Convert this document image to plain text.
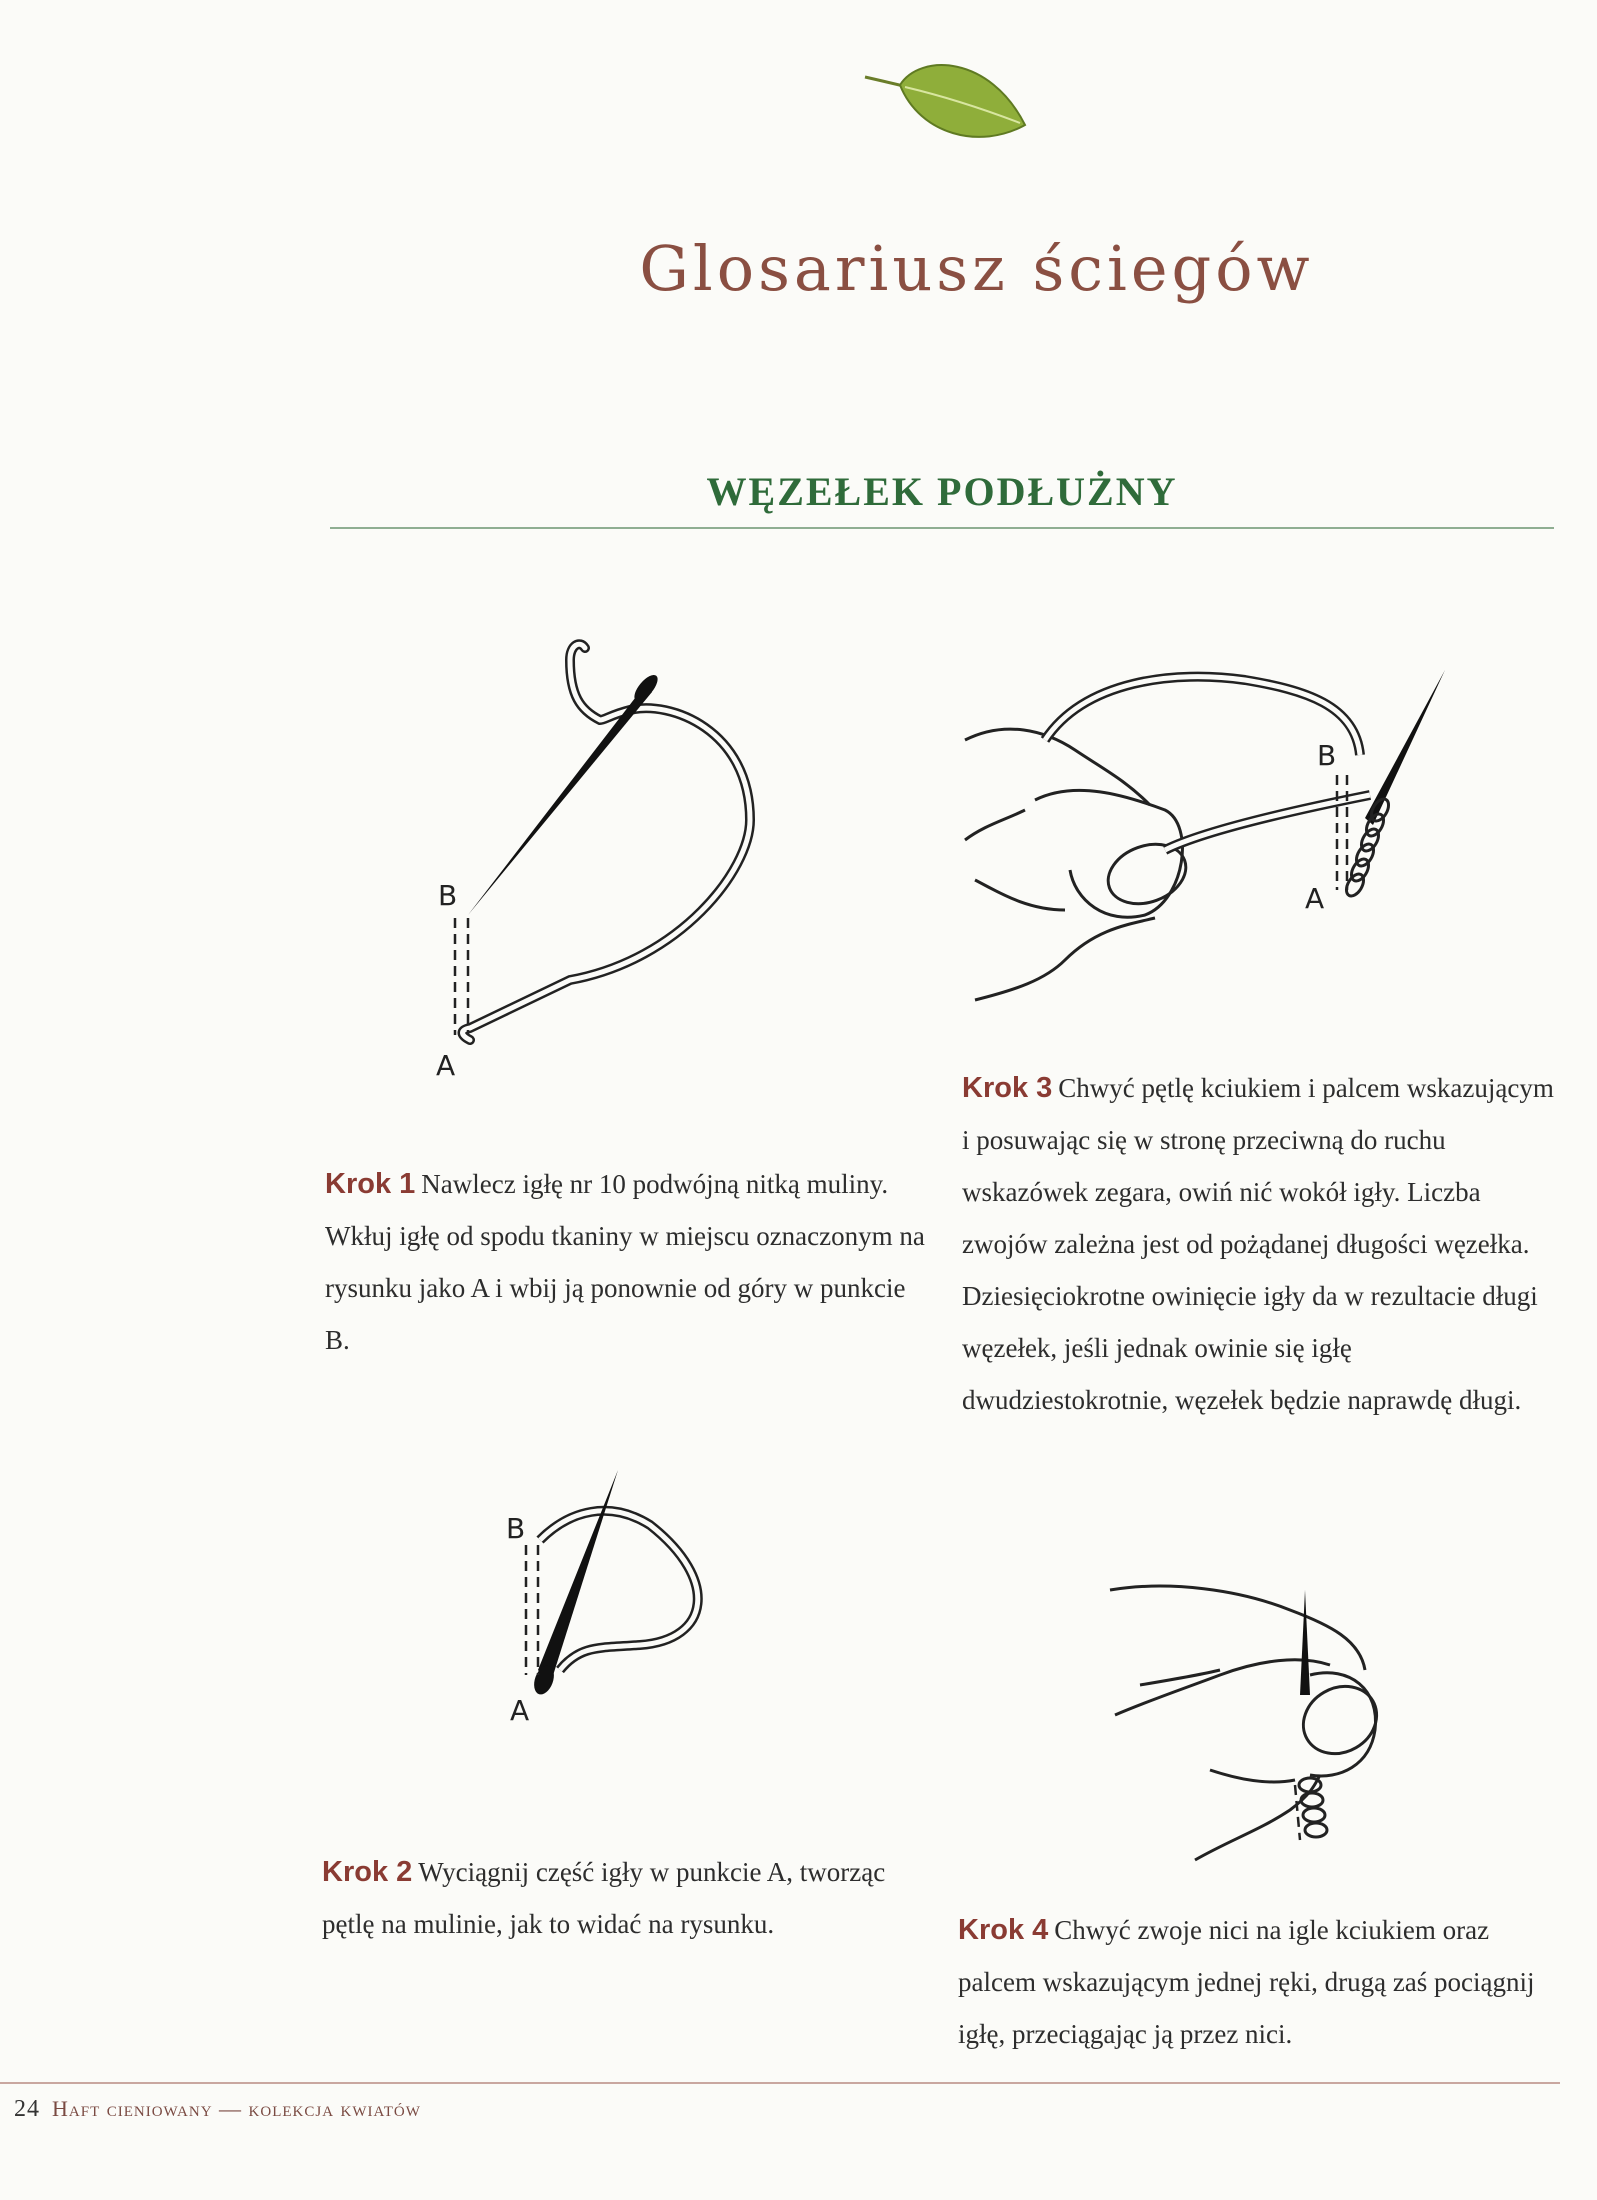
Glosariusz ściegów
WĘZEŁEK PODŁUŻNY
B
A
B
A
B
A
Krok 1 Nawlecz igłę nr 10 podwójną nitką muliny. Wkłuj igłę od spodu tkaniny w miejscu oznaczonym na rysunku jako A i wbij ją ponownie od góry w punkcie B.
Krok 2 Wyciągnij część igły w punkcie A, tworząc pętlę na mulinie, jak to widać na rysunku.
Krok 3 Chwyć pętlę kciukiem i palcem wskazującym i posuwając się w stronę przeciwną do ruchu wskazówek zegara, owiń nić wokół igły. Liczba zwojów zależna jest od pożądanej długości węzełka. Dziesięciokrotne owinięcie igły da w rezultacie długi węzełek, jeśli jednak owinie się igłę dwudziestokrotnie, węzełek będzie naprawdę długi.
Krok 4 Chwyć zwoje nici na igle kciukiem oraz palcem wskazującym jednej ręki, drugą zaś pociągnij igłę, przeciągając ją przez nici.
24 Haft cieniowany — kolekcja kwiatów
